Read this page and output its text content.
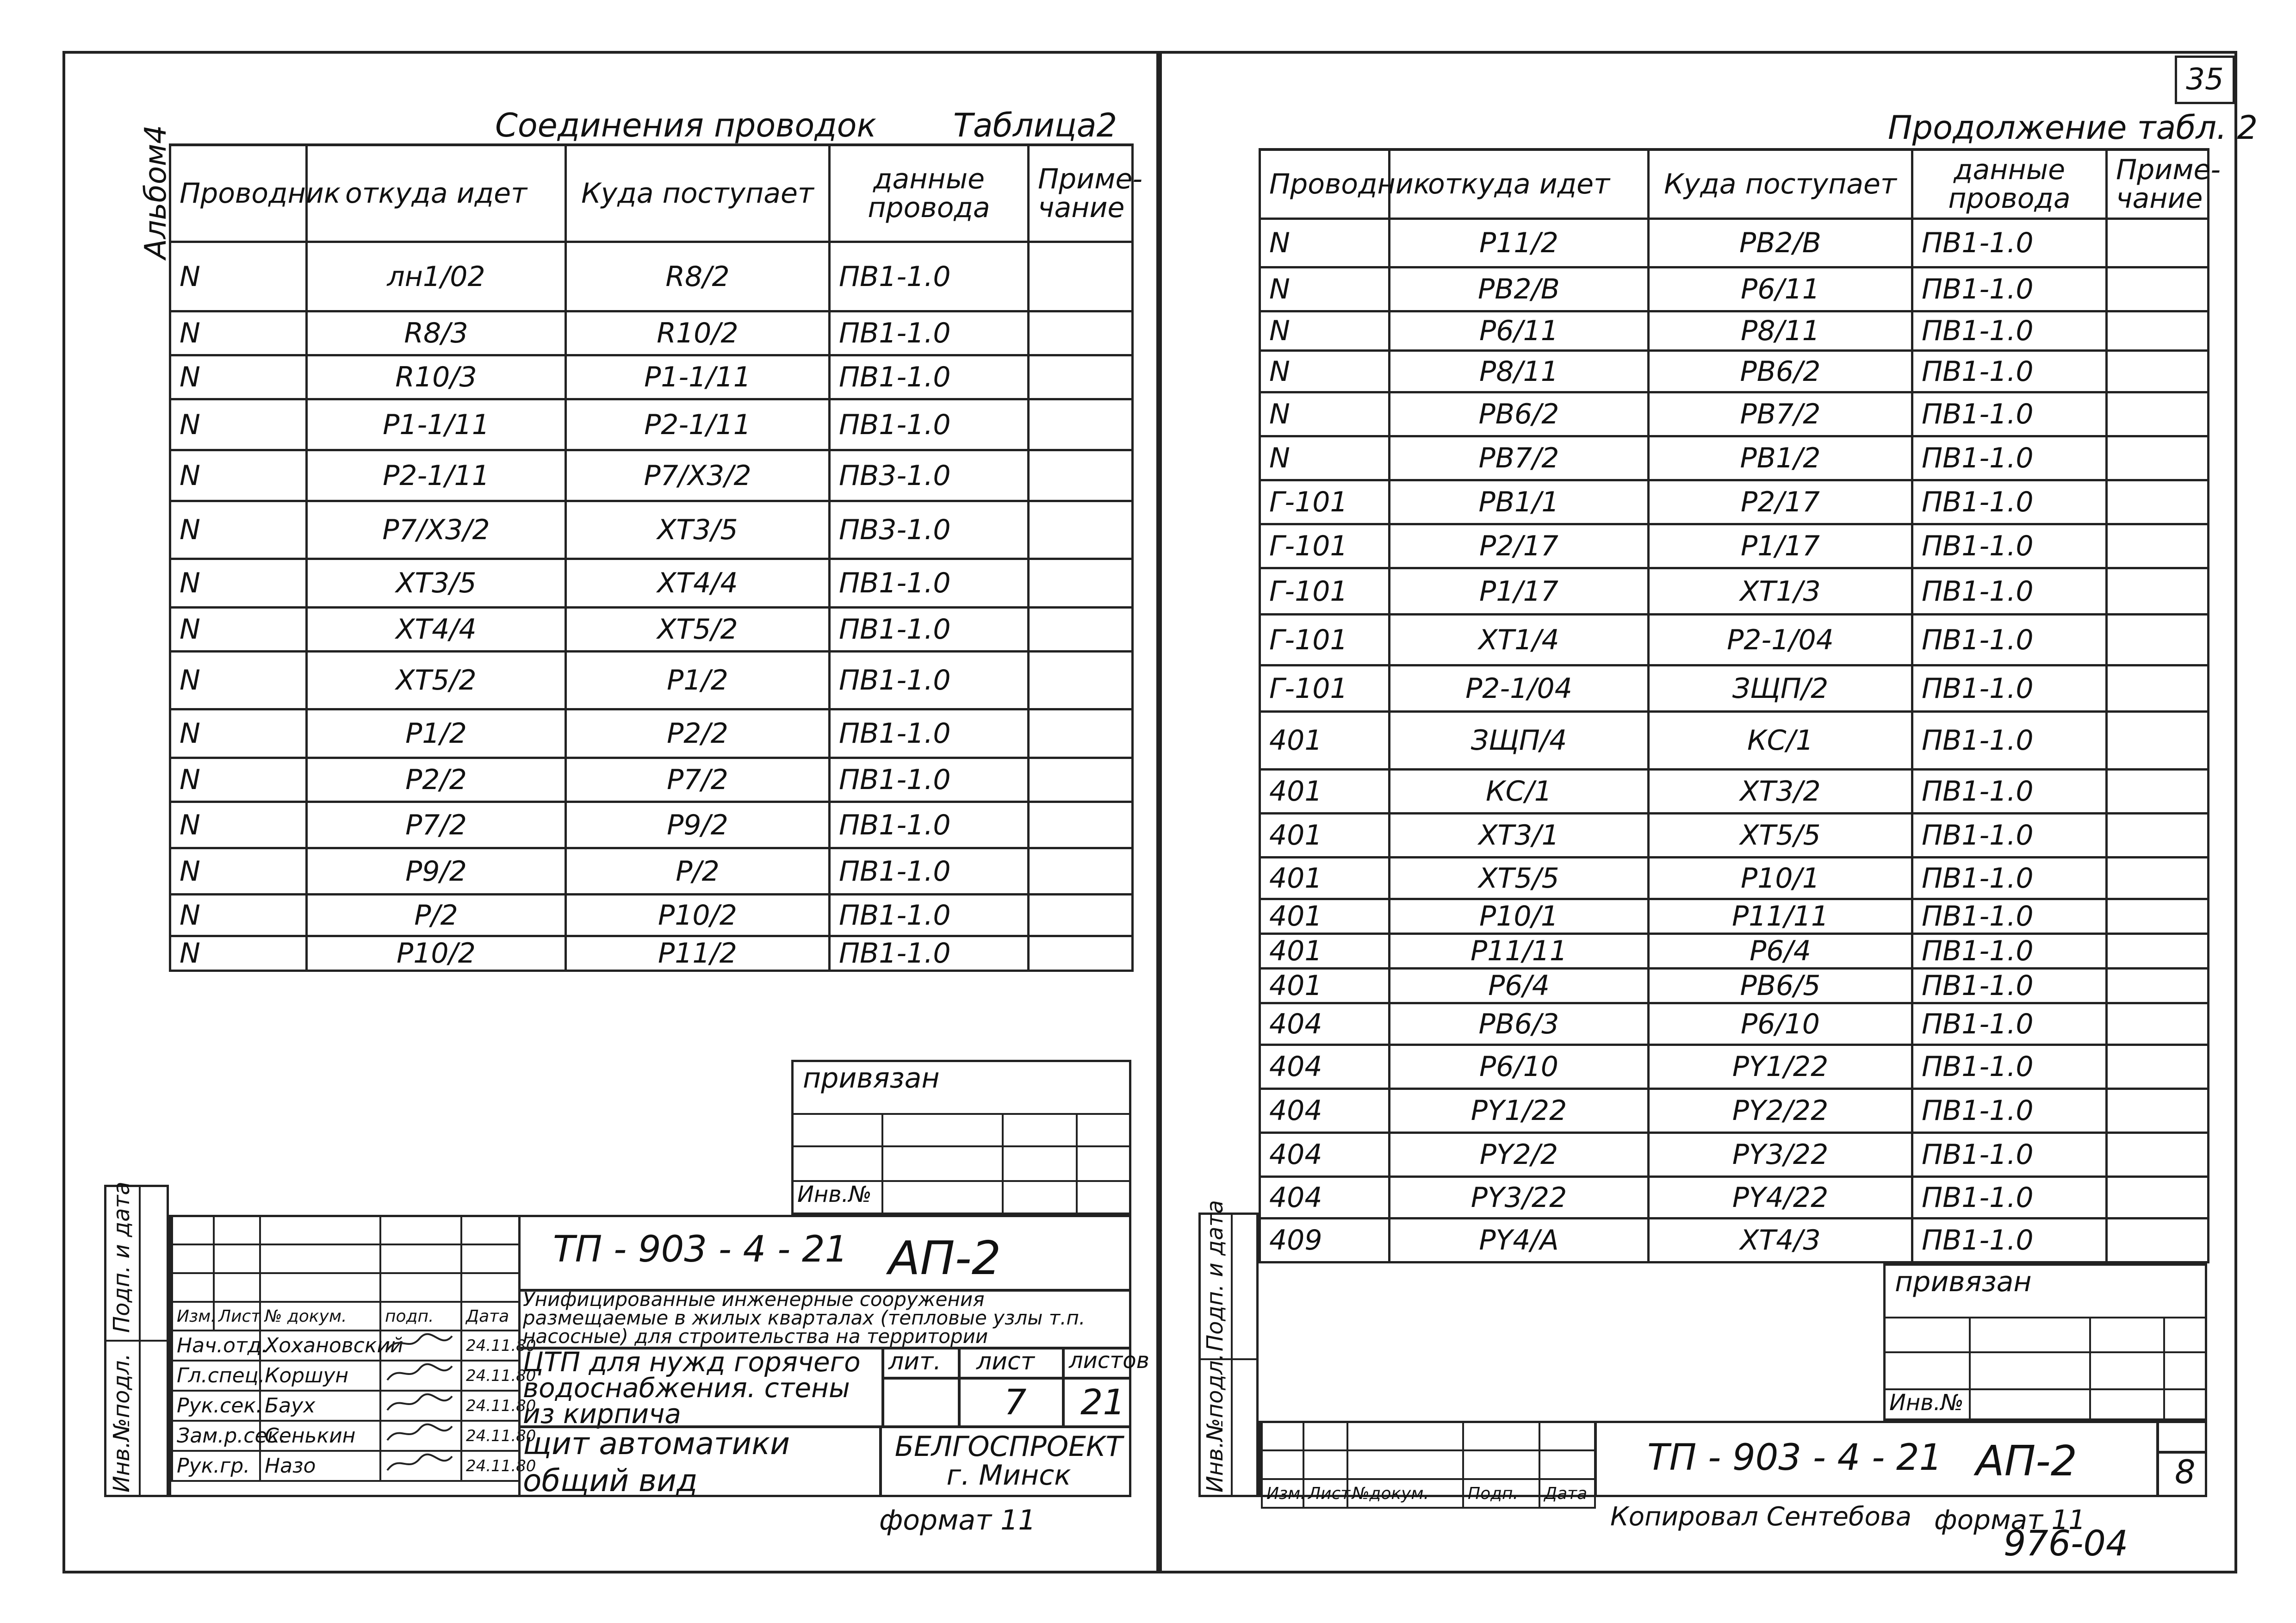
35
Альбом4	Соединения проводок Таблица2
Проводник	откуда идет	Куда поступает	данные провода	Приме- чание
N	лн1/02	R8/2	ПВ1-1.0	
N	R8/3	R10/2	ПВ1-1.0	
N	R10/3	P1-1/11	ПВ1-1.0	
N	P1-1/11	P2-1/11	ПВ1-1.0	
N	P2-1/11	P7/X3/2	ПВ3-1.0	
N	P7/X3/2	XT3/5	ПВ3-1.0	
N	XT3/5	XT4/4	ПВ1-1.0	
N	XT4/4	XT5/2	ПВ1-1.0	
N	XT5/2	P1/2	ПВ1-1.0	
N	P1/2	P2/2	ПВ1-1.0	
N	P2/2	P7/2	ПВ1-1.0	
N	P7/2	P9/2	ПВ1-1.0	
N	P9/2	P/2	ПВ1-1.0	
N	P/2	P10/2	ПВ1-1.0	
N	P10/2	P11/2	ПВ1-1.0	
привязан
Инв.№
Подп. и дата
Инв.№подл.

Изм.	Лист	№ докум.	подп.	Дата
Нач.отд.		Хохановский		24.11.80
Гл.спец.		Коршун		24.11.80
Рук.сек.		Баух		24.11.80
Зам.р.сек.		Сенькин		24.11.80
Рук.гр.		Назо		24.11.80
ТП - 903 - 4 - 21 АП-2
Унифицированные инженерные сооружения размещаемые в жилых кварталах (тепловые узлы т.п. насосные) для строительства на территории
ЦТП для нужд горячего водоснабжения. стены из кирпича
лит. лист листов
7 21
щит автоматики общий вид
БЕЛГОСПРОЕКТ г. Минск
формат 11
Продолжение табл. 2
Проводник	откуда идет	Куда поступает	данные провода	Приме- чание
N	P11/2	PB2/B	ПВ1-1.0	
N	PB2/B	P6/11	ПВ1-1.0	
N	P6/11	P8/11	ПВ1-1.0	
N	P8/11	PB6/2	ПВ1-1.0	
N	PB6/2	PB7/2	ПВ1-1.0	
N	PB7/2	PB1/2	ПВ1-1.0	
Г-101	PB1/1	P2/17	ПВ1-1.0	
Г-101	P2/17	P1/17	ПВ1-1.0	
Г-101	P1/17	XT1/3	ПВ1-1.0	
Г-101	XT1/4	P2-1/04	ПВ1-1.0	
Г-101	P2-1/04	ЗЩП/2	ПВ1-1.0	
401	ЗЩП/4	КС/1	ПВ1-1.0	
401	КС/1	XT3/2	ПВ1-1.0	
401	XT3/1	XT5/5	ПВ1-1.0	
401	XT5/5	P10/1	ПВ1-1.0	
401	P10/1	P11/11	ПВ1-1.0	
401	P11/11	P6/4	ПВ1-1.0	
401	P6/4	PB6/5	ПВ1-1.0	
404	PB6/3	P6/10	ПВ1-1.0	
404	P6/10	PY1/22	ПВ1-1.0	
404	PY1/22	PY2/22	ПВ1-1.0	
404	PY2/2	PY3/22	ПВ1-1.0	
404	PY3/22	PY4/22	ПВ1-1.0	
409	PY4/A	XT4/3	ПВ1-1.0	
привязан
Инв.№
Подп. и дата
Инв.№подл.

Изм.	Лист	№докум.	Подп.	Дата
ТП - 903 - 4 - 21 АП-2	8
Копировал Сентебова формат 11
976-04
